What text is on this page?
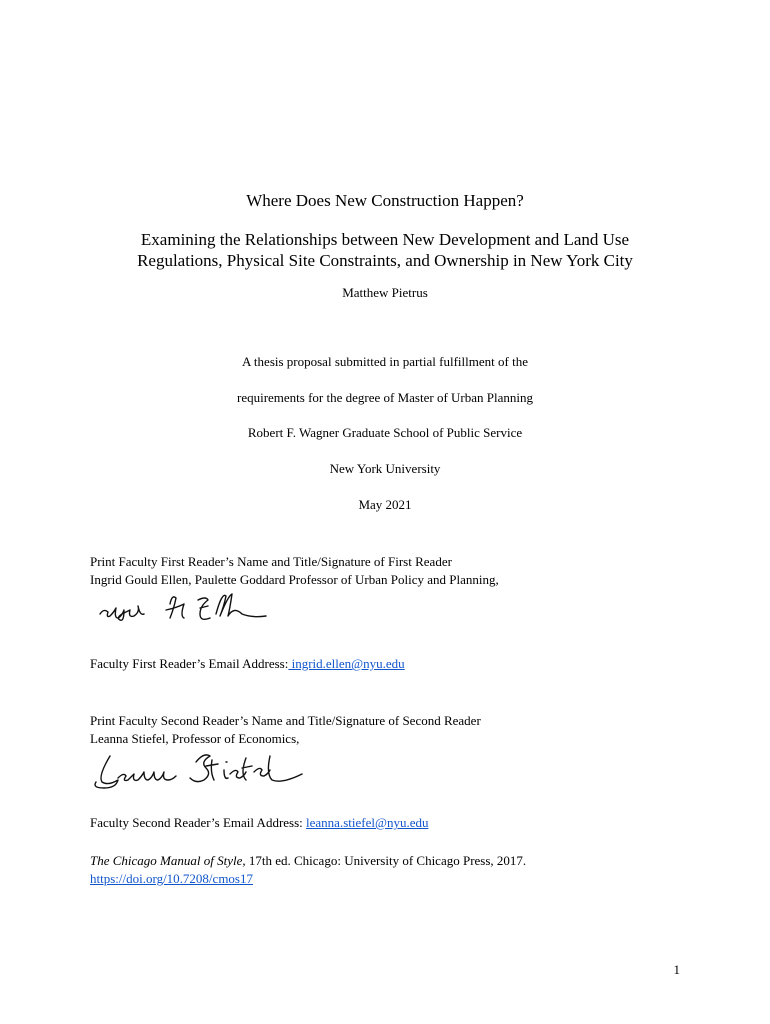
Where Does New Construction Happen?
Examining the Relationships between New Development and Land Use
Regulations, Physical Site Constraints, and Ownership in New York City
Matthew Pietrus
A thesis proposal submitted in partial fulfillment of the
requirements for the degree of Master of Urban Planning
Robert F. Wagner Graduate School of Public Service
New York University
May 2021
Print Faculty First Reader’s Name and Title/Signature of First Reader
Ingrid Gould Ellen, Paulette Goddard Professor of Urban Policy and Planning,
Faculty First Reader’s Email Address: ingrid.ellen@nyu.edu
Print Faculty Second Reader’s Name and Title/Signature of Second Reader
Leanna Stiefel, Professor of Economics,
Faculty Second Reader’s Email Address: leanna.stiefel@nyu.edu
The Chicago Manual of Style, 17th ed. Chicago: University of Chicago Press, 2017.
https://doi.org/10.7208/cmos17
1
